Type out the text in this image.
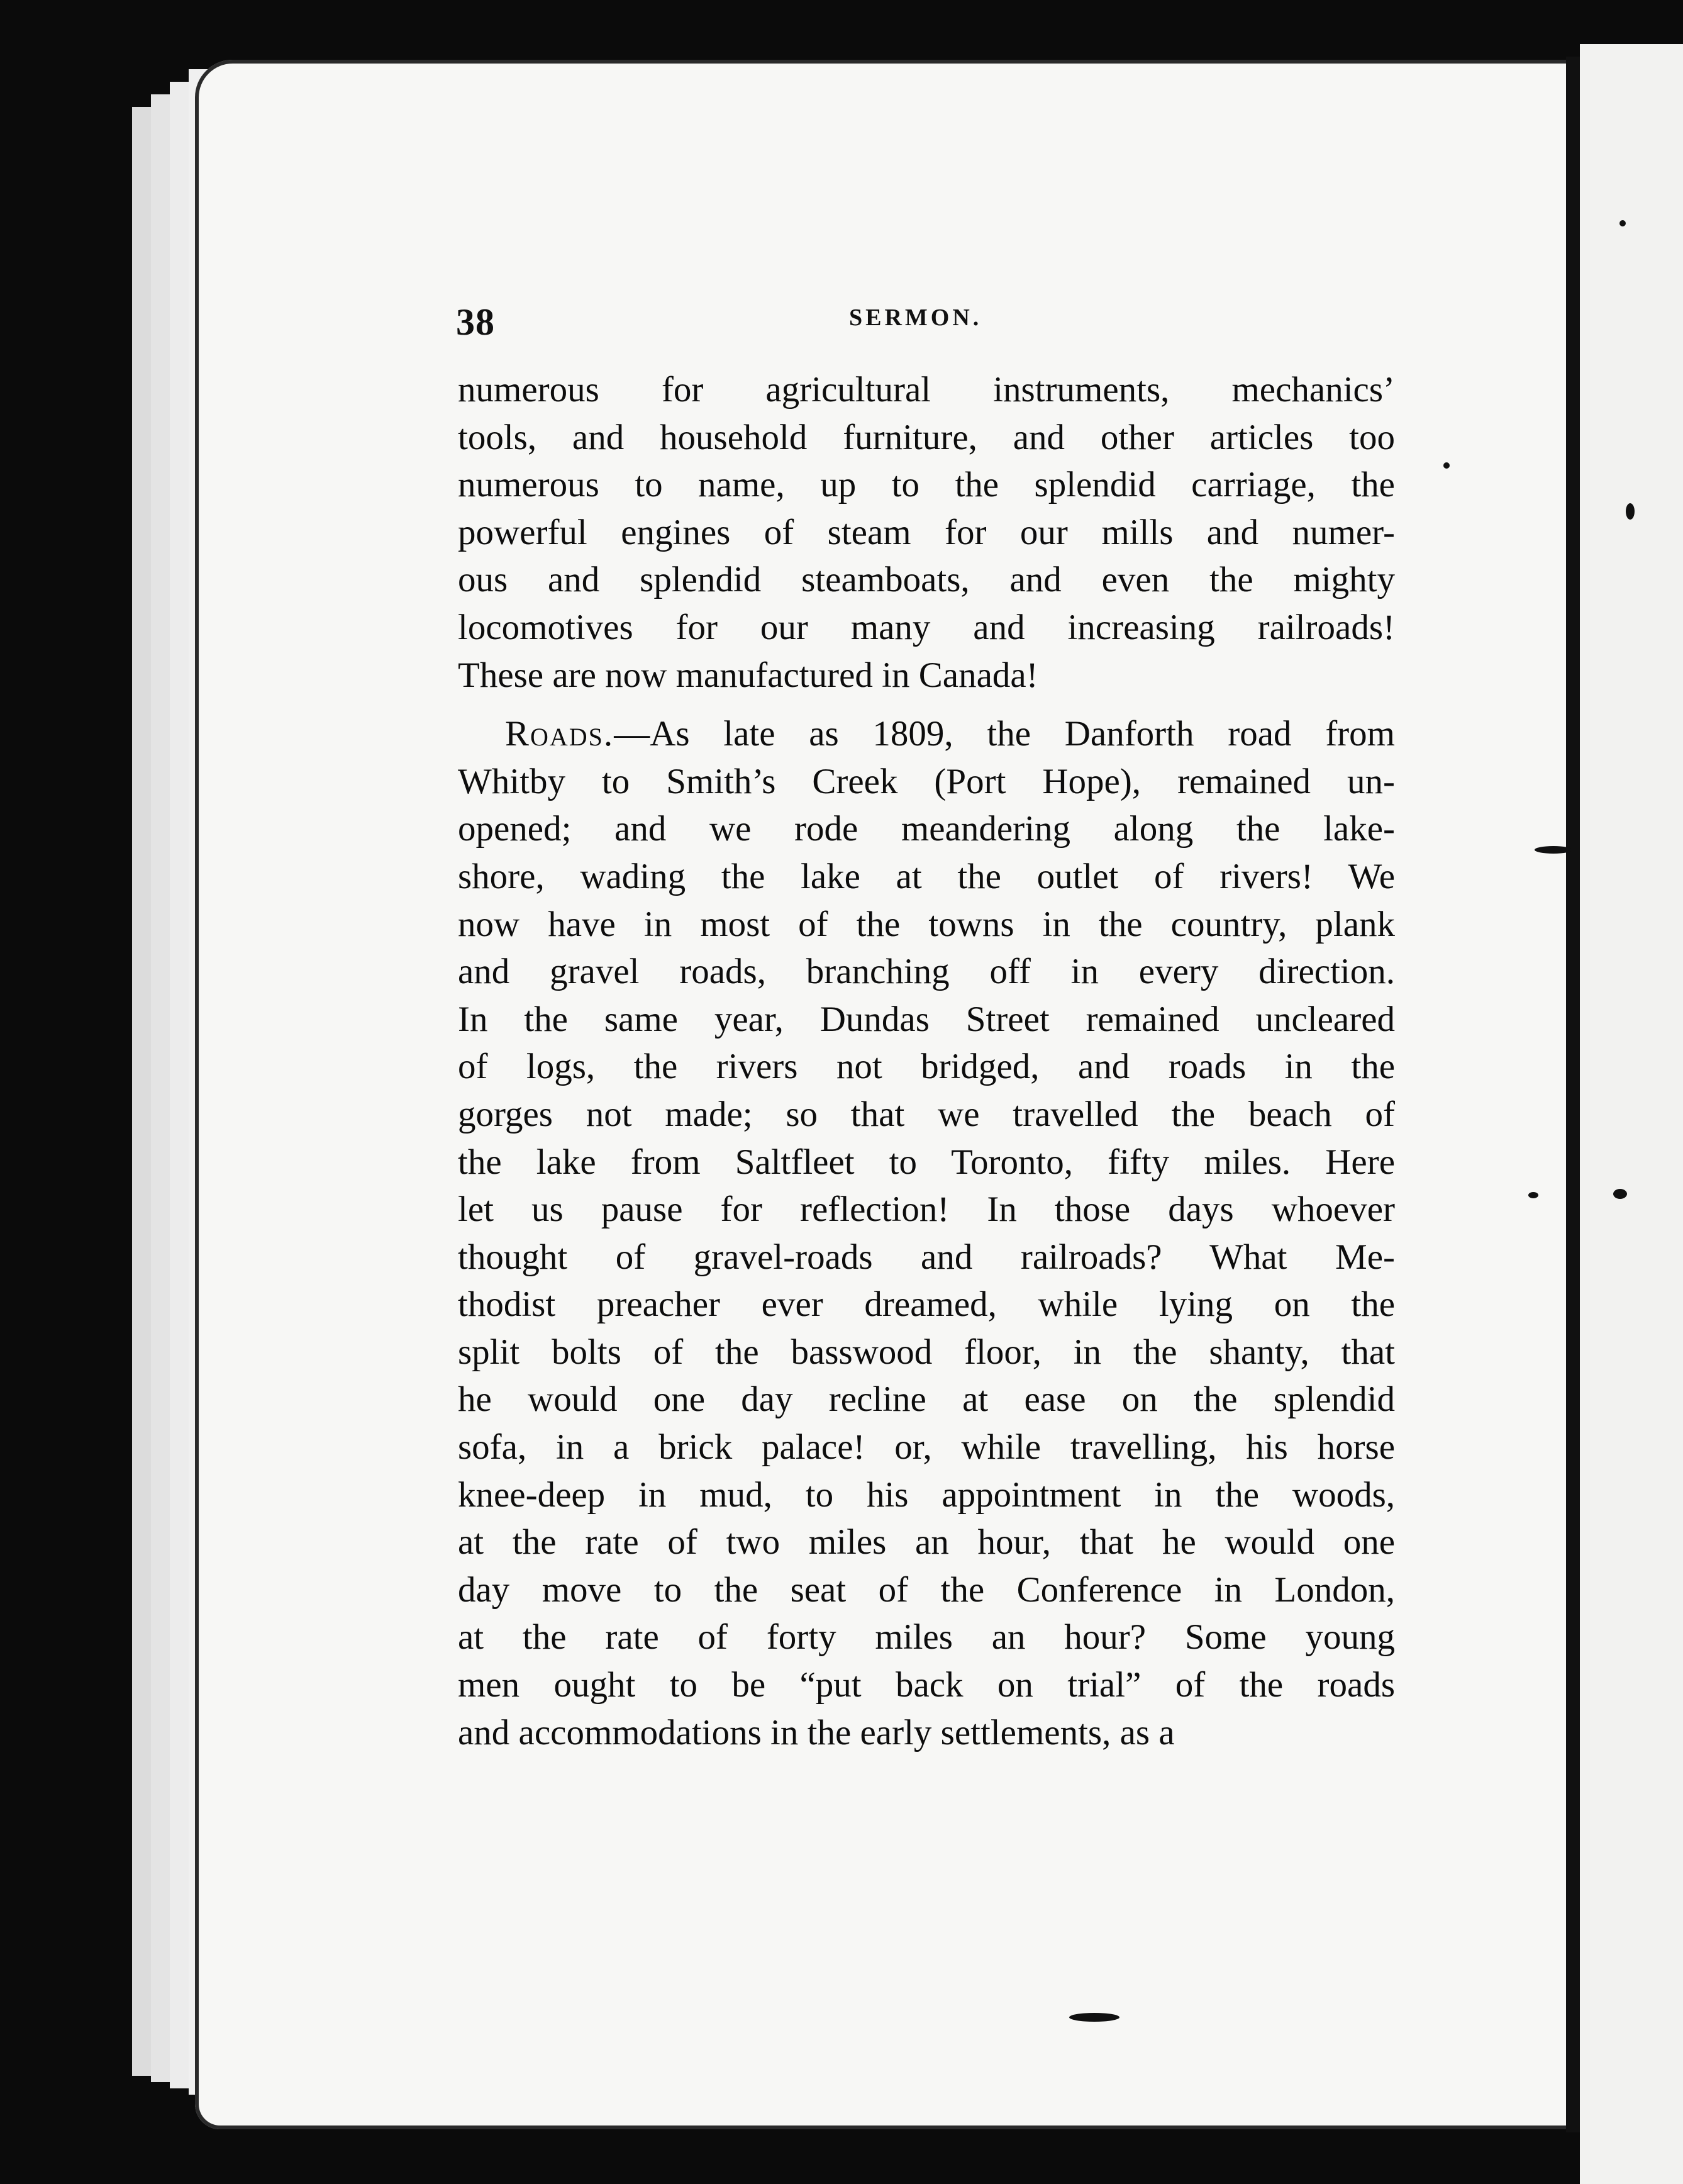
38	SERMON.
numerous for agricultural instruments, mechanics’
tools, and household furniture, and other articles too
numerous to name, up to the splendid carriage, the
powerful engines of steam for our mills and numer-
ous and splendid steamboats, and even the mighty
locomotives for our many and increasing railroads!
These are now manufactured in Canada!
Roads.—As late as 1809, the Danforth road from
Whitby to Smith’s Creek (Port Hope), remained un-
opened; and we rode meandering along the lake-
shore, wading the lake at the outlet of rivers! We
now have in most of the towns in the country, plank
and gravel roads, branching off in every direction.
In the same year, Dundas Street remained uncleared
of logs, the rivers not bridged, and roads in the
gorges not made; so that we travelled the beach of
the lake from Saltfleet to Toronto, fifty miles. Here
let us pause for reflection! In those days whoever
thought of gravel-roads and railroads? What Me-
thodist preacher ever dreamed, while lying on the
split bolts of the basswood floor, in the shanty, that
he would one day recline at ease on the splendid
sofa, in a brick palace! or, while travelling, his horse
knee-deep in mud, to his appointment in the woods,
at the rate of two miles an hour, that he would one
day move to the seat of the Conference in London,
at the rate of forty miles an hour? Some young
men ought to be “put back on trial” of the roads
and accommodations in the early settlements, as a
